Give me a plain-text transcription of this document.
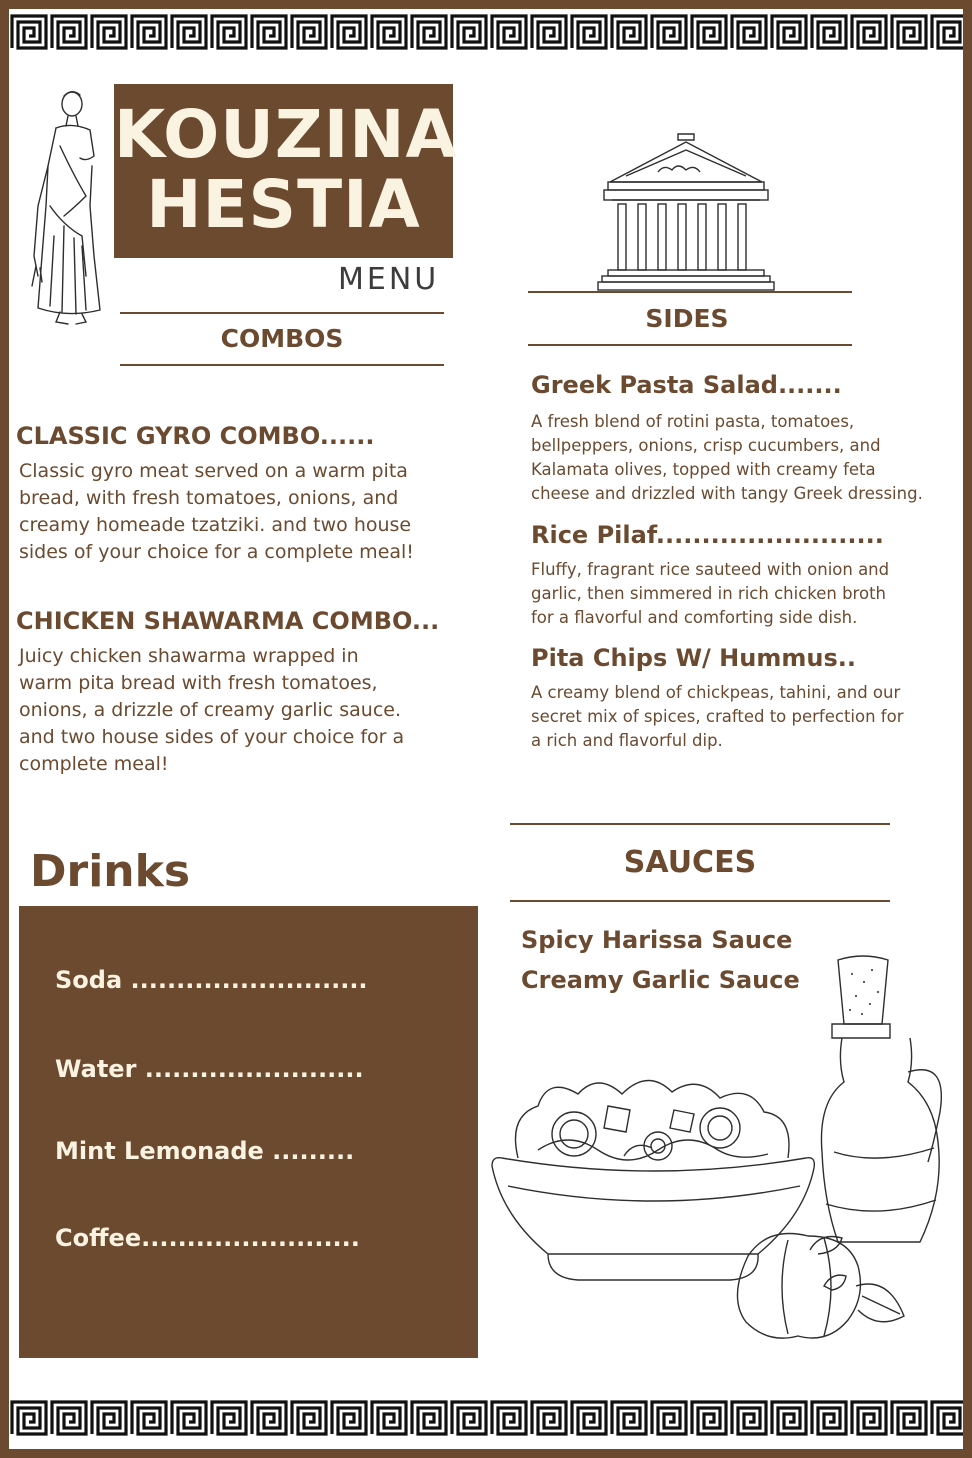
KOUZINA
HESTIA
MENU
COMBOS
CLASSIC GYRO COMBO......
Classic gyro meat served on a warm pita
bread, with fresh tomatoes, onions, and
creamy homeade tzatziki. and two house
sides of your choice for a complete meal!
CHICKEN SHAWARMA COMBO...
Juicy chicken shawarma wrapped in
warm pita bread with fresh tomatoes,
onions, a drizzle of creamy garlic sauce.
and two house sides of your choice for a
complete meal!
SIDES
Greek Pasta Salad.......
A fresh blend of rotini pasta, tomatoes,
bellpeppers, onions, crisp cucumbers, and
Kalamata olives, topped with creamy feta
cheese and drizzled with tangy Greek dressing.
Rice Pilaf.........................
Fluffy, fragrant rice sauteed with onion and
garlic, then simmered in rich chicken broth
for a flavorful and comforting side dish.
Pita Chips W/ Hummus..
A creamy blend of chickpeas, tahini, and our
secret mix of spices, crafted to perfection for
a rich and flavorful dip.
SAUCES
Spicy Harissa Sauce
Creamy Garlic Sauce
Drinks
Soda ..........................
Water ........................
Mint Lemonade .........
Coffee........................
